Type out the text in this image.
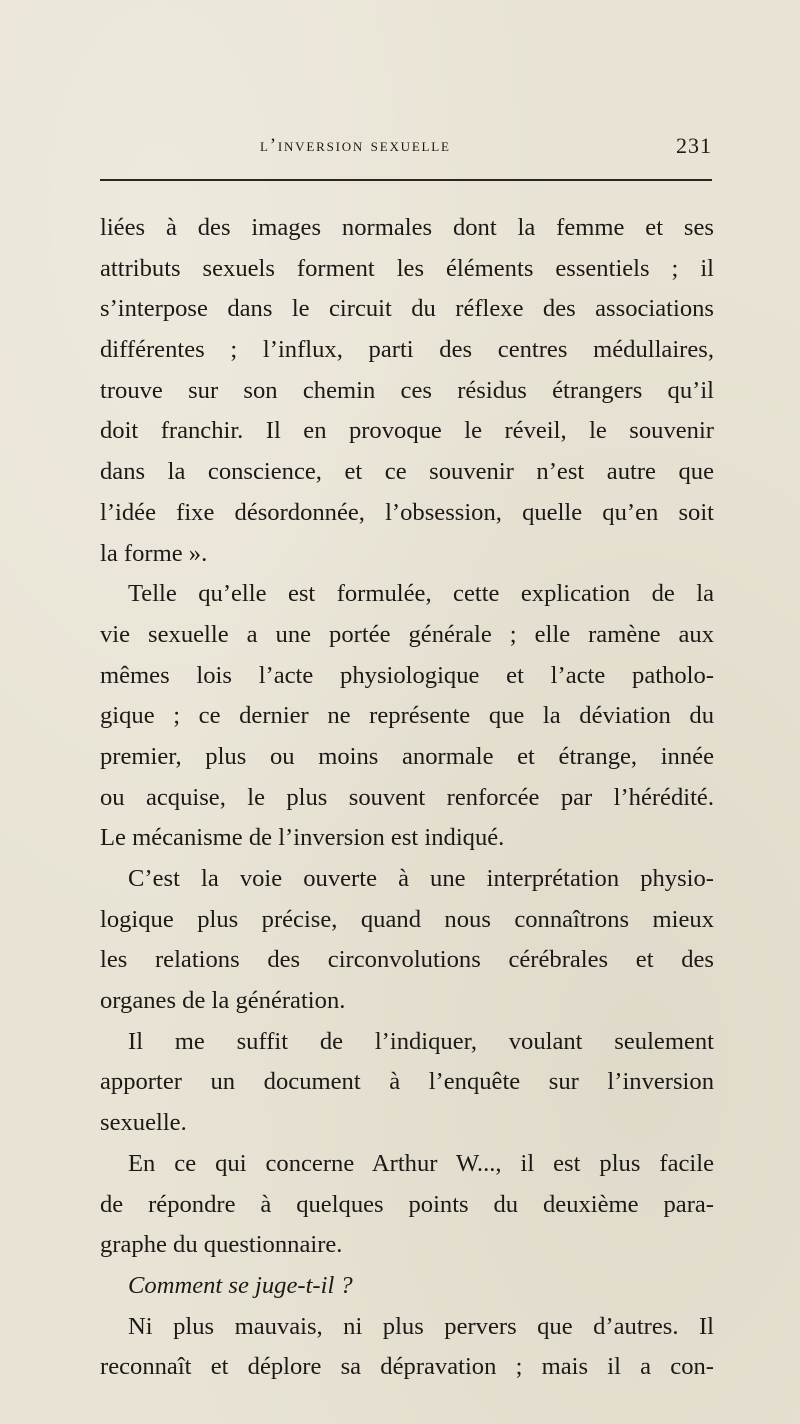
l’inversion sexuelle	231
liées à des images normales dont la femme et ses
attributs sexuels forment les éléments essentiels ; il
s’interpose dans le circuit du réflexe des associations
différentes ; l’influx, parti des centres médullaires,
trouve sur son chemin ces résidus étrangers qu’il
doit franchir. Il en provoque le réveil, le souvenir
dans la conscience, et ce souvenir n’est autre que
l’idée fixe désordonnée, l’obsession, quelle qu’en soit
la forme ».
Telle qu’elle est formulée, cette explication de la
vie sexuelle a une portée générale ; elle ramène aux
mêmes lois l’acte physiologique et l’acte patholo-
gique ; ce dernier ne représente que la déviation du
premier, plus ou moins anormale et étrange, innée
ou acquise, le plus souvent renforcée par l’hérédité.
Le mécanisme de l’inversion est indiqué.
C’est la voie ouverte à une interprétation physio-
logique plus précise, quand nous connaîtrons mieux
les relations des circonvolutions cérébrales et des
organes de la génération.
Il me suffit de l’indiquer, voulant seulement
apporter un document à l’enquête sur l’inversion
sexuelle.
En ce qui concerne Arthur W..., il est plus facile
de répondre à quelques points du deuxième para-
graphe du questionnaire.
Comment se juge-t-il ?
Ni plus mauvais, ni plus pervers que d’autres. Il
reconnaît et déplore sa dépravation ; mais il a con-
